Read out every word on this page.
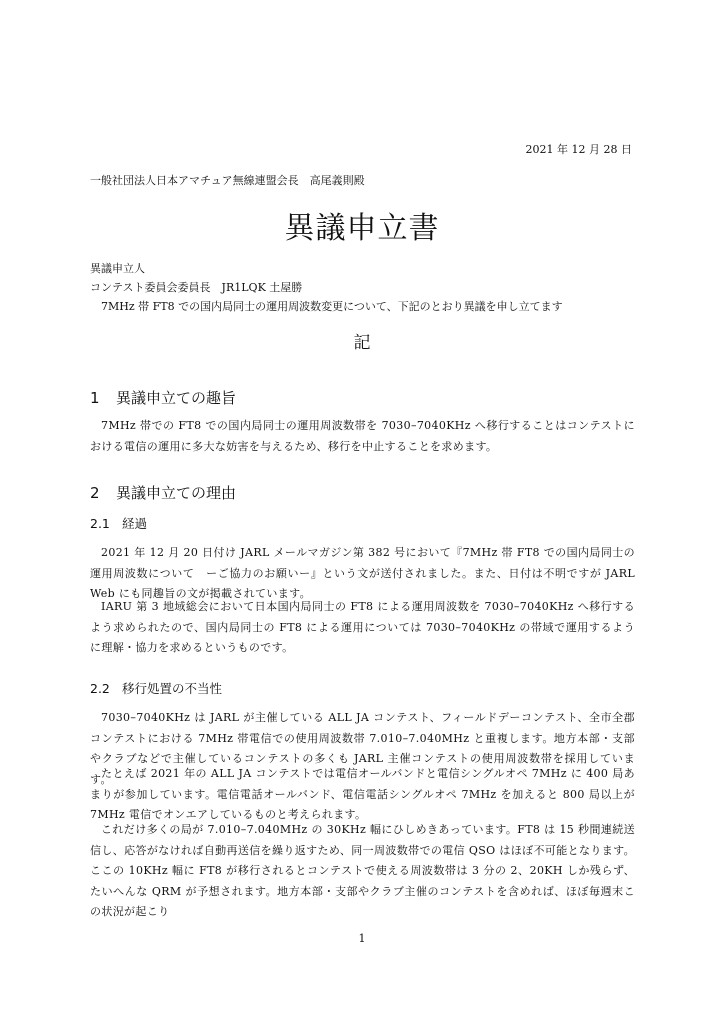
2021 年 12 月 28 日
一般社団法人日本アマチュア無線連盟会長　高尾義則殿
異議申立書
異議申立人
コンテスト委員会委員長　JR1LQK 土屋勝
7MHz 帯 FT8 での国内局同士の運用周波数変更について、下記のとおり異議を申し立てます
記
1 異議申立ての趣旨
7MHz 帯での FT8 での国内局同士の運用周波数帯を 7030–7040KHz へ移行することはコンテストにおける電信の運用に多大な妨害を与えるため、移行を中止することを求めます。
2 異議申立ての理由
2.1 経過
2021 年 12 月 20 日付け JARL メールマガジン第 382 号において『7MHz 帯 FT8 での国内局同士の運用周波数について　ーご協力のお願いー』という文が送付されました。また、日付は不明ですが JARL Web にも同趣旨の文が掲載されています。
IARU 第 3 地域総会において日本国内局同士の FT8 による運用周波数を 7030–7040KHz へ移行するよう求められたので、国内局同士の FT8 による運用については 7030–7040KHz の帯域で運用するように理解・協力を求めるというものです。
2.2 移行処置の不当性
7030–7040KHz は JARL が主催している ALL JA コンテスト、フィールドデーコンテスト、全市全郡コンテストにおける 7MHz 帯電信での使用周波数帯 7.010–7.040MHz と重複します。地方本部・支部やクラブなどで主催しているコンテストの多くも JARL 主催コンテストの使用周波数帯を採用しています。
たとえば 2021 年の ALL JA コンテストでは電信オールバンドと電信シングルオペ 7MHz に 400 局あまりが参加しています。電信電話オールバンド、電信電話シングルオペ 7MHz を加えると 800 局以上が 7MHz 電信でオンエアしているものと考えられます。
これだけ多くの局が 7.010–7.040MHz の 30KHz 幅にひしめきあっています。FT8 は 15 秒間連続送信し、応答がなければ自動再送信を繰り返すため、同一周波数帯での電信 QSO はほぼ不可能となります。ここの 10KHz 幅に FT8 が移行されるとコンテストで使える周波数帯は 3 分の 2、20KH しか残らず、たいへんな QRM が予想されます。地方本部・支部やクラブ主催のコンテストを含めれば、ほぼ毎週末この状況が起こり
1
